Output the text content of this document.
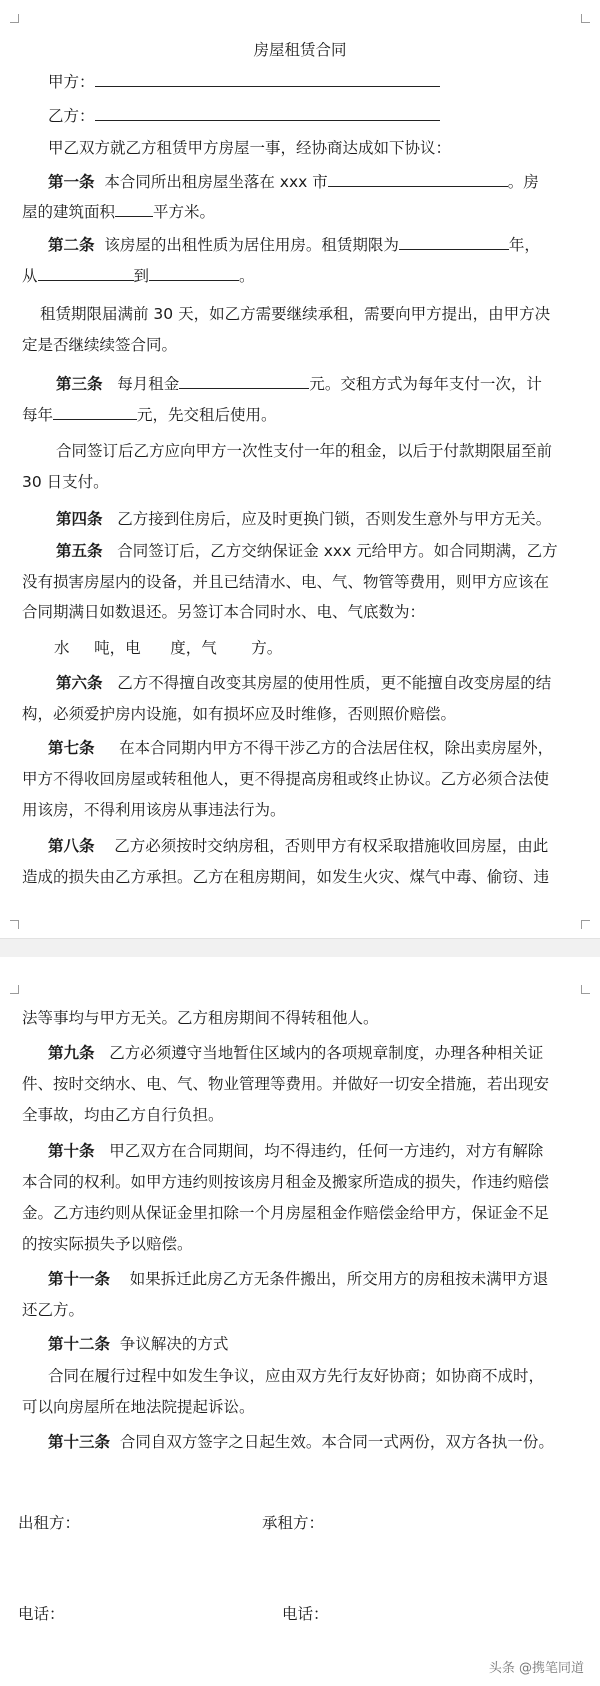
房屋租赁合同
甲方：
乙方：
甲乙双方就乙方租赁甲方房屋一事，经协商达成如下协议：
第一条 本合同所出租房屋坐落在 xxx 市	。房
屋的建筑面积 平方米。
第二条 该房屋的出租性质为居住用房。租赁期限为	年，
从	到	。
租赁期限届满前 30 天，如乙方需要继续承租，需要向甲方提出，由甲方决
定是否继续续签合同。
第三条 每月租金	元。交租方式为每年支付一次，计
每年	元，先交租后使用。
合同签订后乙方应向甲方一次性支付一年的租金，以后于付款期限届至前
30 日支付。
第四条 乙方接到住房后，应及时更换门锁，否则发生意外与甲方无关。
第五条 合同签订后，乙方交纳保证金 xxx 元给甲方。如合同期满，乙方
没有损害房屋内的设备，并且已结清水、电、气、物管等费用，则甲方应该在
合同期满日如数退还。另签订本合同时水、电、气底数为：
水 吨，电 度，气 方。
第六条 乙方不得擅自改变其房屋的使用性质，更不能擅自改变房屋的结
构，必须爱护房内设施，如有损坏应及时维修，否则照价赔偿。
第七条 在本合同期内甲方不得干涉乙方的合法居住权，除出卖房屋外，
甲方不得收回房屋或转租他人，更不得提高房租或终止协议。乙方必须合法使
用该房，不得利用该房从事违法行为。
第八条 乙方必须按时交纳房租，否则甲方有权采取措施收回房屋，由此
造成的损失由乙方承担。乙方在租房期间，如发生火灾、煤气中毒、偷窃、违
法等事均与甲方无关。乙方租房期间不得转租他人。
第九条 乙方必须遵守当地暂住区域内的各项规章制度，办理各种相关证
件、按时交纳水、电、气、物业管理等费用。并做好一切安全措施，若出现安
全事故，均由乙方自行负担。
第十条 甲乙双方在合同期间，均不得违约，任何一方违约，对方有解除
本合同的权利。如甲方违约则按该房月租金及搬家所造成的损失，作违约赔偿
金。乙方违约则从保证金里扣除一个月房屋租金作赔偿金给甲方，保证金不足
的按实际损失予以赔偿。
第十一条 如果拆迁此房乙方无条件搬出，所交用方的房租按未满甲方退
还乙方。
第十二条 争议解决的方式
合同在履行过程中如发生争议，应由双方先行友好协商；如协商不成时，
可以向房屋所在地法院提起诉讼。
第十三条 合同自双方签字之日起生效。本合同一式两份，双方各执一份。
出租方：	承租方：
电话：	电话：
头条 @携笔同道
